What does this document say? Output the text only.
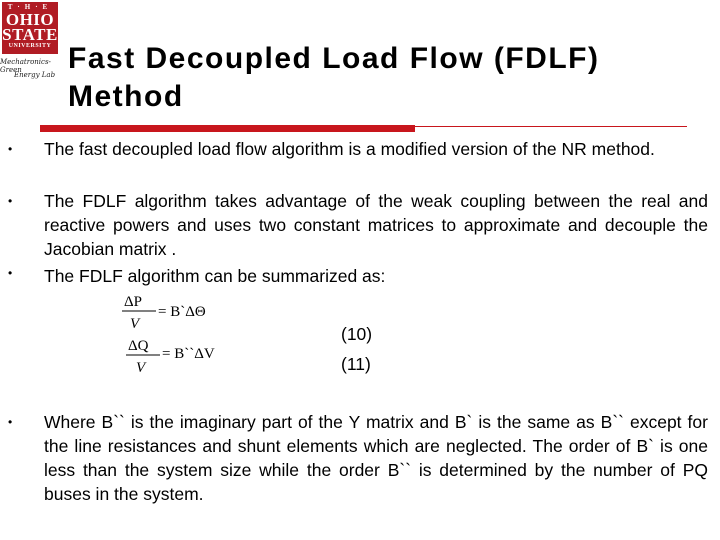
T·H·E
OHIO
STATE
UNIVERSITY
Mechatronics-Green
Energy Lab Fast Decoupled Load Flow (FDLF) Method
• The fast decoupled load flow algorithm is a modified version of the NR method.
• The FDLF algorithm takes advantage of the weak coupling between the real and reactive powers and uses two constant matrices to approximate and decouple the Jacobian matrix .
• The FDLF algorithm can be summarized as:
ΔP
V
= B`ΔΘ
ΔQ
V
= B``ΔV
(10)
(11)
• Where B`` is the imaginary part of the Y matrix and B` is the same as B`` except for the line resistances and shunt elements which are neglected. The order of B` is one less than the system size while the order B`` is determined by the number of PQ buses in the system.
